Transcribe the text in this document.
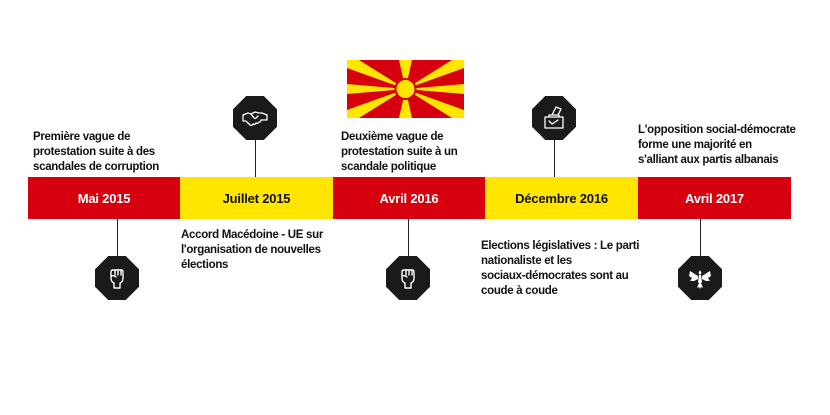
Mai 2015	Juillet 2015	Avril 2016	Décembre 2016	Avril 2017
Première vague de
protestation suite à des
scandales de corruption
Accord Macédoine - UE sur
l'organisation de nouvelles
élections
Deuxième vague de
protestation suite à un
scandale politique
Elections législatives : Le parti
nationaliste et les
sociaux-démocrates sont au
coude à coude
L'opposition social-démocrate
forme une majorité en
s'alliant aux partis albanais
